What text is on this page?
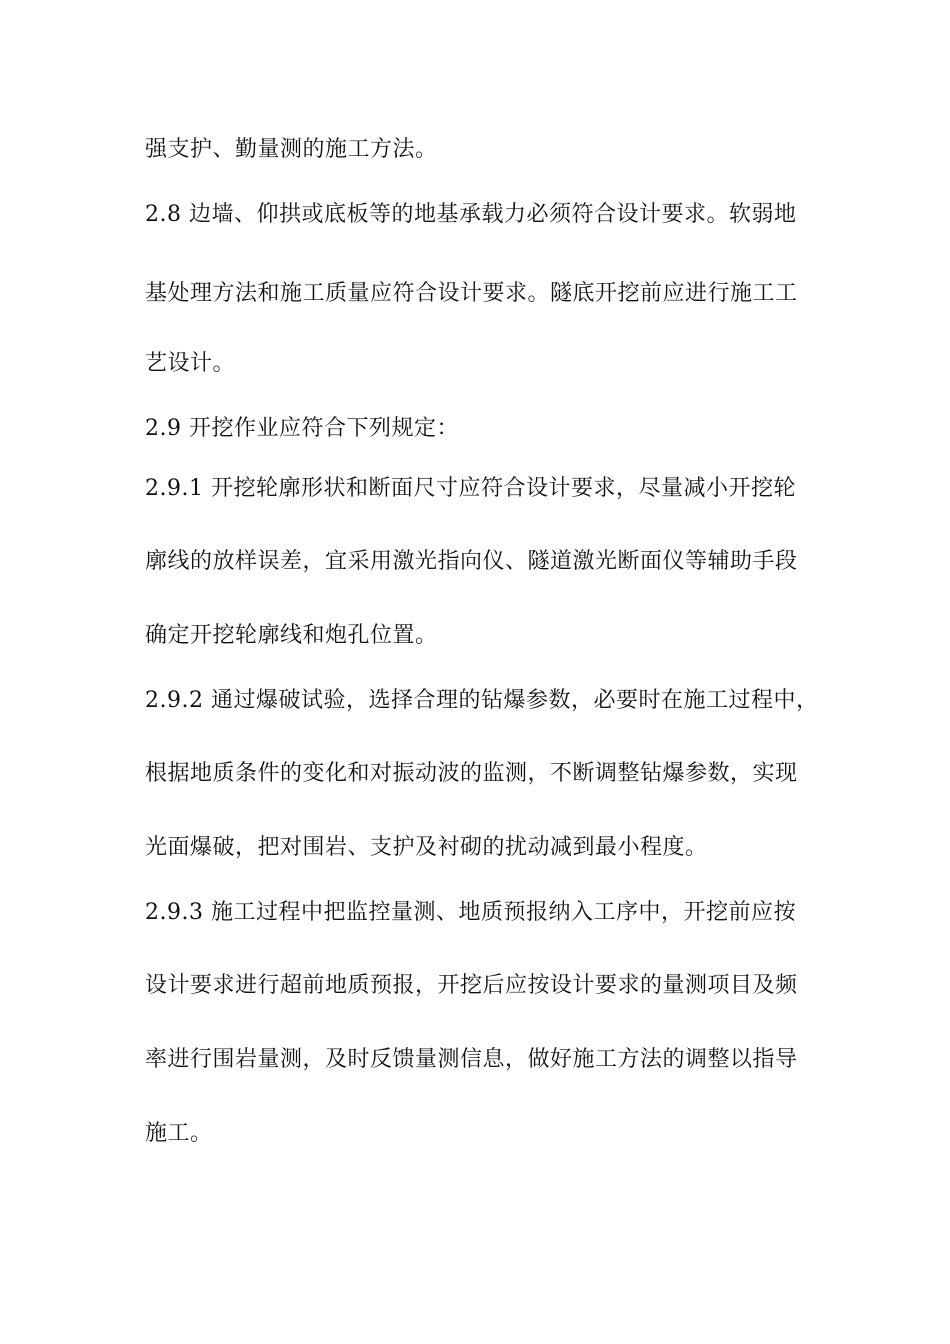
强支护、勤量测的施工方法。
2.8 边墙、仰拱或底板等的地基承载力必须符合设计要求。软弱地
基处理方法和施工质量应符合设计要求。隧底开挖前应进行施工工
艺设计。
2.9 开挖作业应符合下列规定：
2.9.1 开挖轮廓形状和断面尺寸应符合设计要求，尽量减小开挖轮
廓线的放样误差，宜采用激光指向仪、隧道激光断面仪等辅助手段
确定开挖轮廓线和炮孔位置。
2.9.2 通过爆破试验，选择合理的钻爆参数，必要时在施工过程中，
根据地质条件的变化和对振动波的监测，不断调整钻爆参数，实现
光面爆破，把对围岩、支护及衬砌的扰动减到最小程度。
2.9.3 施工过程中把监控量测、地质预报纳入工序中，开挖前应按
设计要求进行超前地质预报，开挖后应按设计要求的量测项目及频
率进行围岩量测，及时反馈量测信息，做好施工方法的调整以指导
施工。
